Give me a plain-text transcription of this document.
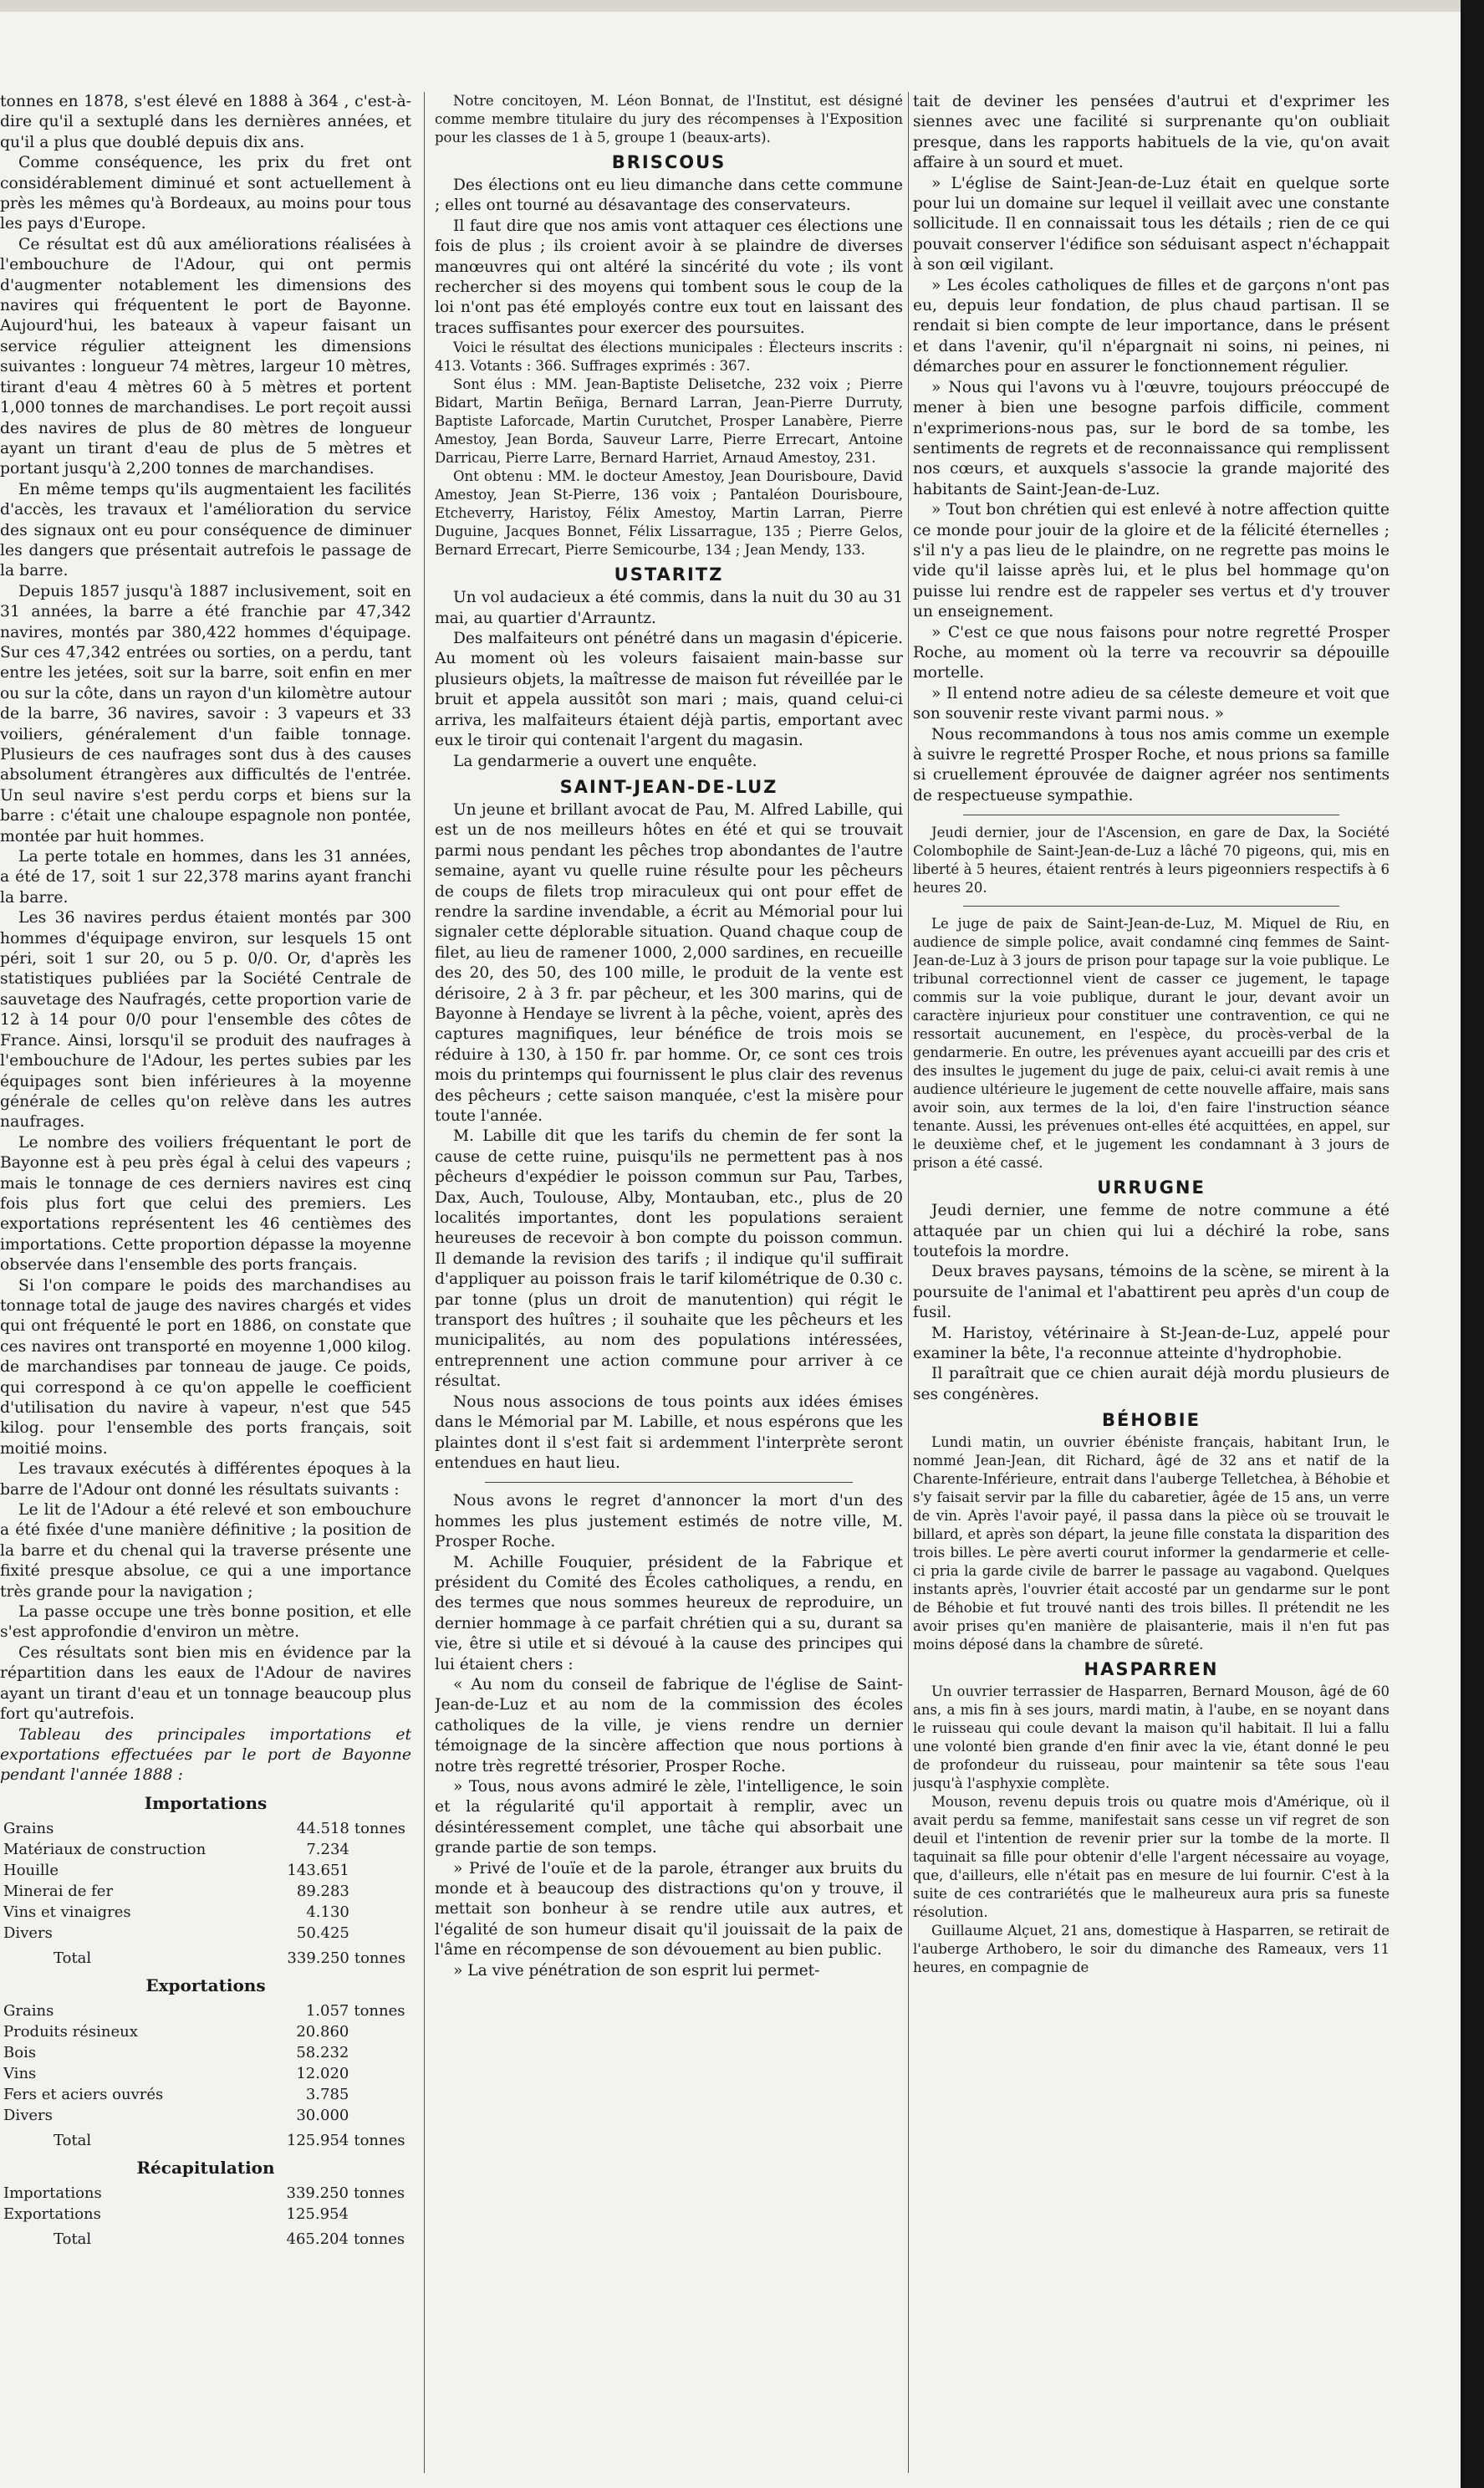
tonnes en 1878, s'est élevé en 1888 à 364 , c'est-à-dire qu'il a sextuplé dans les dernières années, et qu'il a plus que doublé depuis dix ans.

Comme conséquence, les prix du fret ont considérablement diminué et sont actuellement à près les mêmes qu'à Bordeaux, au moins pour tous les pays d'Europe.

Ce résultat est dû aux améliorations réalisées à l'embouchure de l'Adour, qui ont permis d'augmenter notablement les dimensions des navires qui fréquentent le port de Bayonne. Aujourd'hui, les bateaux à vapeur faisant un service régulier atteignent les dimensions suivantes : longueur 74 mètres, largeur 10 mètres, tirant d'eau 4 mètres 60 à 5 mètres et portent 1,000 tonnes de marchandises. Le port reçoit aussi des navires de plus de 80 mètres de longueur ayant un tirant d'eau de plus de 5 mètres et portant jusqu'à 2,200 tonnes de marchandises.

En même temps qu'ils augmentaient les facilités d'accès, les travaux et l'amélioration du service des signaux ont eu pour conséquence de diminuer les dangers que présentait autrefois le passage de la barre.

Depuis 1857 jusqu'à 1887 inclusivement, soit en 31 années, la barre a été franchie par 47,342 navires, montés par 380,422 hommes d'équipage. Sur ces 47,342 entrées ou sorties, on a perdu, tant entre les jetées, soit sur la barre, soit enfin en mer ou sur la côte, dans un rayon d'un kilomètre autour de la barre, 36 navires, savoir : 3 vapeurs et 33 voiliers, généralement d'un faible tonnage. Plusieurs de ces naufrages sont dus à des causes absolument étrangères aux difficultés de l'entrée. Un seul navire s'est perdu corps et biens sur la barre : c'était une chaloupe espagnole non pontée, montée par huit hommes.

La perte totale en hommes, dans les 31 années, a été de 17, soit 1 sur 22,378 marins ayant franchi la barre.

Les 36 navires perdus étaient montés par 300 hommes d'équipage environ, sur lesquels 15 ont péri, soit 1 sur 20, ou 5 p. 0/0. Or, d'après les statistiques publiées par la Société Centrale de sauvetage des Naufragés, cette proportion varie de 12 à 14 pour 0/0 pour l'ensemble des côtes de France. Ainsi, lorsqu'il se produit des naufrages à l'embouchure de l'Adour, les pertes subies par les équipages sont bien inférieures à la moyenne générale de celles qu'on relève dans les autres naufrages.

Le nombre des voiliers fréquentant le port de Bayonne est à peu près égal à celui des vapeurs ; mais le tonnage de ces derniers navires est cinq fois plus fort que celui des premiers. Les exportations représentent les 46 centièmes des importations. Cette proportion dépasse la moyenne observée dans l'ensemble des ports français.

Si l'on compare le poids des marchandises au tonnage total de jauge des navires chargés et vides qui ont fréquenté le port en 1886, on constate que ces navires ont transporté en moyenne 1,000 kilog. de marchandises par tonneau de jauge. Ce poids, qui correspond à ce qu'on appelle le coefficient d'utilisation du navire à vapeur, n'est que 545 kilog. pour l'ensemble des ports français, soit moitié moins.

Les travaux exécutés à différentes époques à la barre de l'Adour ont donné les résultats suivants :

Le lit de l'Adour a été relevé et son embouchure a été fixée d'une manière définitive ; la position de la barre et du chenal qui la traverse présente une fixité presque absolue, ce qui a une importance très grande pour la navigation ;

La passe occupe une très bonne position, et elle s'est approfondie d'environ un mètre.

Ces résultats sont bien mis en évidence par la répartition dans les eaux de l'Adour de navires ayant un tirant d'eau et un tonnage beaucoup plus fort qu'autrefois.

Tableau des principales importations et exportations effectuées par le port de Bayonne pendant l'année 1888 :

Importations
Grains	44.518	tonnes
Matériaux de construction	7.234	
Houille	143.651	
Minerai de fer	89.283	
Vins et vinaigres	4.130	
Divers	50.425	
Total	339.250	tonnes
Exportations
Grains	1.057	tonnes
Produits résineux	20.860	
Bois	58.232	
Vins	12.020	
Fers et aciers ouvrés	3.785	
Divers	30.000	
Total	125.954	tonnes
Récapitulation
Importations	339.250	tonnes
Exportations	125.954	
Total	465.204	tonnes

Notre concitoyen, M. Léon Bonnat, de l'Institut, est désigné comme membre titulaire du jury des récompenses à l'Exposition pour les classes de 1 à 5, groupe 1 (beaux-arts).

BRISCOUS

Des élections ont eu lieu dimanche dans cette commune ; elles ont tourné au désavantage des conservateurs.

Il faut dire que nos amis vont attaquer ces élections une fois de plus ; ils croient avoir à se plaindre de diverses manœuvres qui ont altéré la sincérité du vote ; ils vont rechercher si des moyens qui tombent sous le coup de la loi n'ont pas été employés contre eux tout en laissant des traces suffisantes pour exercer des poursuites.

Voici le résultat des élections municipales : Électeurs inscrits : 413. Votants : 366. Suffrages exprimés : 367.

Sont élus : MM. Jean-Baptiste Delisetche, 232 voix ; Pierre Bidart, Martin Beñiga, Bernard Larran, Jean-Pierre Durruty, Baptiste Laforcade, Martin Curutchet, Prosper Lanabère, Pierre Amestoy, Jean Borda, Sauveur Larre, Pierre Errecart, Antoine Darricau, Pierre Larre, Bernard Harriet, Arnaud Amestoy, 231.

Ont obtenu : MM. le docteur Amestoy, Jean Dourisboure, David Amestoy, Jean St-Pierre, 136 voix ; Pantaléon Dourisboure, Etcheverry, Haristoy, Félix Amestoy, Martin Larran, Pierre Duguine, Jacques Bonnet, Félix Lissarrague, 135 ; Pierre Gelos, Bernard Errecart, Pierre Semicourbe, 134 ; Jean Mendy, 133.

USTARITZ

Un vol audacieux a été commis, dans la nuit du 30 au 31 mai, au quartier d'Arrauntz.

Des malfaiteurs ont pénétré dans un magasin d'épicerie. Au moment où les voleurs faisaient main-basse sur plusieurs objets, la maîtresse de maison fut réveillée par le bruit et appela aussitôt son mari ; mais, quand celui-ci arriva, les malfaiteurs étaient déjà partis, emportant avec eux le tiroir qui contenait l'argent du magasin.

La gendarmerie a ouvert une enquête.

SAINT-JEAN-DE-LUZ

Un jeune et brillant avocat de Pau, M. Alfred Labille, qui est un de nos meilleurs hôtes en été et qui se trouvait parmi nous pendant les pêches trop abondantes de l'autre semaine, ayant vu quelle ruine résulte pour les pêcheurs de coups de filets trop miraculeux qui ont pour effet de rendre la sardine invendable, a écrit au Mémorial pour lui signaler cette déplorable situation. Quand chaque coup de filet, au lieu de ramener 1000, 2,000 sardines, en recueille des 20, des 50, des 100 mille, le produit de la vente est dérisoire, 2 à 3 fr. par pêcheur, et les 300 marins, qui de Bayonne à Hendaye se livrent à la pêche, voient, après des captures magnifiques, leur bénéfice de trois mois se réduire à 130, à 150 fr. par homme. Or, ce sont ces trois mois du printemps qui fournissent le plus clair des revenus des pêcheurs ; cette saison manquée, c'est la misère pour toute l'année.

M. Labille dit que les tarifs du chemin de fer sont la cause de cette ruine, puisqu'ils ne permettent pas à nos pêcheurs d'expédier le poisson commun sur Pau, Tarbes, Dax, Auch, Toulouse, Alby, Montauban, etc., plus de 20 localités importantes, dont les populations seraient heureuses de recevoir à bon compte du poisson commun. Il demande la revision des tarifs ; il indique qu'il suffirait d'appliquer au poisson frais le tarif kilométrique de 0.30 c. par tonne (plus un droit de manutention) qui régit le transport des huîtres ; il souhaite que les pêcheurs et les municipalités, au nom des populations intéressées, entreprennent une action commune pour arriver à ce résultat.

Nous nous associons de tous points aux idées émises dans le Mémorial par M. Labille, et nous espérons que les plaintes dont il s'est fait si ardemment l'interprète seront entendues en haut lieu.

Nous avons le regret d'annoncer la mort d'un des hommes les plus justement estimés de notre ville, M. Prosper Roche.

M. Achille Fouquier, président de la Fabrique et président du Comité des Écoles catholiques, a rendu, en des termes que nous sommes heureux de reproduire, un dernier hommage à ce parfait chrétien qui a su, durant sa vie, être si utile et si dévoué à la cause des principes qui lui étaient chers :

« Au nom du conseil de fabrique de l'église de Saint-Jean-de-Luz et au nom de la commission des écoles catholiques de la ville, je viens rendre un dernier témoignage de la sincère affection que nous portions à notre très regretté trésorier, Prosper Roche.

» Tous, nous avons admiré le zèle, l'intelligence, le soin et la régularité qu'il apportait à remplir, avec un désintéressement complet, une tâche qui absorbait une grande partie de son temps.

» Privé de l'ouïe et de la parole, étranger aux bruits du monde et à beaucoup des distractions qu'on y trouve, il mettait son bonheur à se rendre utile aux autres, et l'égalité de son humeur disait qu'il jouissait de la paix de l'âme en récompense de son dévouement au bien public.

» La vive pénétration de son esprit lui permet-

tait de deviner les pensées d'autrui et d'exprimer les siennes avec une facilité si surprenante qu'on oubliait presque, dans les rapports habituels de la vie, qu'on avait affaire à un sourd et muet.

» L'église de Saint-Jean-de-Luz était en quelque sorte pour lui un domaine sur lequel il veillait avec une constante sollicitude. Il en connaissait tous les détails ; rien de ce qui pouvait conserver l'édifice son séduisant aspect n'échappait à son œil vigilant.

» Les écoles catholiques de filles et de garçons n'ont pas eu, depuis leur fondation, de plus chaud partisan. Il se rendait si bien compte de leur importance, dans le présent et dans l'avenir, qu'il n'épargnait ni soins, ni peines, ni démarches pour en assurer le fonctionnement régulier.

» Nous qui l'avons vu à l'œuvre, toujours préoccupé de mener à bien une besogne parfois difficile, comment n'exprimerions-nous pas, sur le bord de sa tombe, les sentiments de regrets et de reconnaissance qui remplissent nos cœurs, et auxquels s'associe la grande majorité des habitants de Saint-Jean-de-Luz.

» Tout bon chrétien qui est enlevé à notre affection quitte ce monde pour jouir de la gloire et de la félicité éternelles ; s'il n'y a pas lieu de le plaindre, on ne regrette pas moins le vide qu'il laisse après lui, et le plus bel hommage qu'on puisse lui rendre est de rappeler ses vertus et d'y trouver un enseignement.

» C'est ce que nous faisons pour notre regretté Prosper Roche, au moment où la terre va recouvrir sa dépouille mortelle.

» Il entend notre adieu de sa céleste demeure et voit que son souvenir reste vivant parmi nous. »

Nous recommandons à tous nos amis comme un exemple à suivre le regretté Prosper Roche, et nous prions sa famille si cruellement éprouvée de daigner agréer nos sentiments de respectueuse sympathie.

Jeudi dernier, jour de l'Ascension, en gare de Dax, la Société Colombophile de Saint-Jean-de-Luz a lâché 70 pigeons, qui, mis en liberté à 5 heures, étaient rentrés à leurs pigeonniers respectifs à 6 heures 20.

Le juge de paix de Saint-Jean-de-Luz, M. Miquel de Riu, en audience de simple police, avait condamné cinq femmes de Saint-Jean-de-Luz à 3 jours de prison pour tapage sur la voie publique. Le tribunal correctionnel vient de casser ce jugement, le tapage commis sur la voie publique, durant le jour, devant avoir un caractère injurieux pour constituer une contravention, ce qui ne ressortait aucunement, en l'espèce, du procès-verbal de la gendarmerie. En outre, les prévenues ayant accueilli par des cris et des insultes le jugement du juge de paix, celui-ci avait remis à une audience ultérieure le jugement de cette nouvelle affaire, mais sans avoir soin, aux termes de la loi, d'en faire l'instruction séance tenante. Aussi, les prévenues ont-elles été acquittées, en appel, sur le deuxième chef, et le jugement les condamnant à 3 jours de prison a été cassé.

URRUGNE

Jeudi dernier, une femme de notre commune a été attaquée par un chien qui lui a déchiré la robe, sans toutefois la mordre.

Deux braves paysans, témoins de la scène, se mirent à la poursuite de l'animal et l'abattirent peu après d'un coup de fusil.

M. Haristoy, vétérinaire à St-Jean-de-Luz, appelé pour examiner la bête, l'a reconnue atteinte d'hydrophobie.

Il paraîtrait que ce chien aurait déjà mordu plusieurs de ses congénères.

BÉHOBIE

Lundi matin, un ouvrier ébéniste français, habitant Irun, le nommé Jean-Jean, dit Richard, âgé de 32 ans et natif de la Charente-Inférieure, entrait dans l'auberge Telletchea, à Béhobie et s'y faisait servir par la fille du cabaretier, âgée de 15 ans, un verre de vin. Après l'avoir payé, il passa dans la pièce où se trouvait le billard, et après son départ, la jeune fille constata la disparition des trois billes. Le père averti courut informer la gendarmerie et celle-ci pria la garde civile de barrer le passage au vagabond. Quelques instants après, l'ouvrier était accosté par un gendarme sur le pont de Béhobie et fut trouvé nanti des trois billes. Il prétendit ne les avoir prises qu'en manière de plaisanterie, mais il n'en fut pas moins déposé dans la chambre de sûreté.

HASPARREN

Un ouvrier terrassier de Hasparren, Bernard Mouson, âgé de 60 ans, a mis fin à ses jours, mardi matin, à l'aube, en se noyant dans le ruisseau qui coule devant la maison qu'il habitait. Il lui a fallu une volonté bien grande d'en finir avec la vie, étant donné le peu de profondeur du ruisseau, pour maintenir sa tête sous l'eau jusqu'à l'asphyxie complète.

Mouson, revenu depuis trois ou quatre mois d'Amérique, où il avait perdu sa femme, manifestait sans cesse un vif regret de son deuil et l'intention de revenir prier sur la tombe de la morte. Il taquinait sa fille pour obtenir d'elle l'argent nécessaire au voyage, que, d'ailleurs, elle n'était pas en mesure de lui fournir. C'est à la suite de ces contrariétés que le malheureux aura pris sa funeste résolution.

Guillaume Alçuet, 21 ans, domestique à Hasparren, se retirait de l'auberge Arthobero, le soir du dimanche des Rameaux, vers 11 heures, en compagnie de
